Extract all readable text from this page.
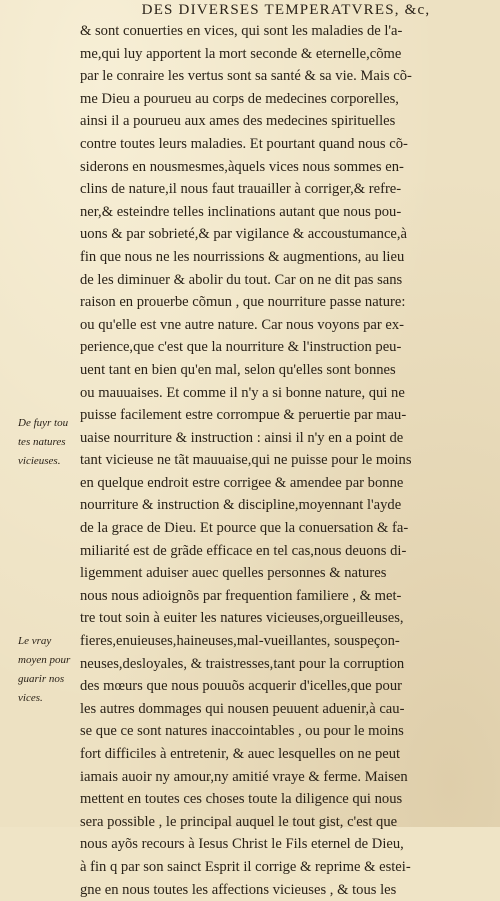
DES DIVERSES TEMPERATVRES, &c,
& sont conuerties en vices, qui sont les maladies de l'a-
me,qui luy apportent la mort seconde & eternelle,cõme
par le conraire les vertus sont sa santé & sa vie. Mais cõ-
me Dieu a pourueu au corps de medecines corporelles,
ainsi il a pourueu aux ames des medecines spirituelles
contre toutes leurs maladies. Et pourtant quand nous cõ-
siderons en nousmesmes,àquels vices nous sommes en-
clins de nature,il nous faut trauailler à corriger,& refre-
ner,& esteindre telles inclinations autant que nous pou-
uons & par sobrieté,& par vigilance & accoustumance,à
fin que nous ne les nourrissions & augmentions, au lieu
de les diminuer & abolir du tout. Car on ne dit pas sans
raison en prouerbe cõmun , que nourriture passe nature:
ou qu'elle est vne autre nature. Car nous voyons par ex-
perience,que c'est que la nourriture & l'instruction peu-
uent tant en bien qu'en mal, selon qu'elles sont bonnes
ou mauuaises. Et comme il n'y a si bonne nature, qui ne
puisse facilement estre corrompue & peruertie par mau-
uaise nourriture & instruction : ainsi il n'y en a point de
tant vicieuse ne tãt mauuaise,qui ne puisse pour le moins
en quelque endroit estre corrigee & amendee par bonne
nourriture & instruction & discipline,moyennant l'ayde
de la grace de Dieu. Et pource que la conuersation & fa-
miliarité est de grãde efficace en tel cas,nous deuons di-
ligemment aduiser auec quelles personnes & natures
nous nous adioignõs par frequention familiere , & met-
tre tout soin à euiter les natures vicieuses,orgueilleuses,
fieres,enuieuses,haineuses,mal-vueillantes, souspeçon-
neuses,desloyales, & traistresses,tant pour la corruption
des mœurs que nous pouuõs acquerir d'icelles,que pour
les autres dommages qui nousen peuuent aduenir,à cau-
se que ce sont natures inaccointables , ou pour le moins
fort difficiles à entretenir, & auec lesquelles on ne peut
iamais auoir ny amour,ny amitié vraye & ferme. Maisen
mettent en toutes ces choses toute la diligence qui nous
sera possible , le principal auquel le tout gist, c'est que
nous ayõs recours à Iesus Christ le Fils eternel de Dieu,
à fin q par son sainct Esprit il corrige & reprime & estei-
gne en nous toutes les affections vicieuses , & tous les
De fuyr tou
tes natures
vicieuses.
Le vray
moyen pour
guarir nos
vices.
